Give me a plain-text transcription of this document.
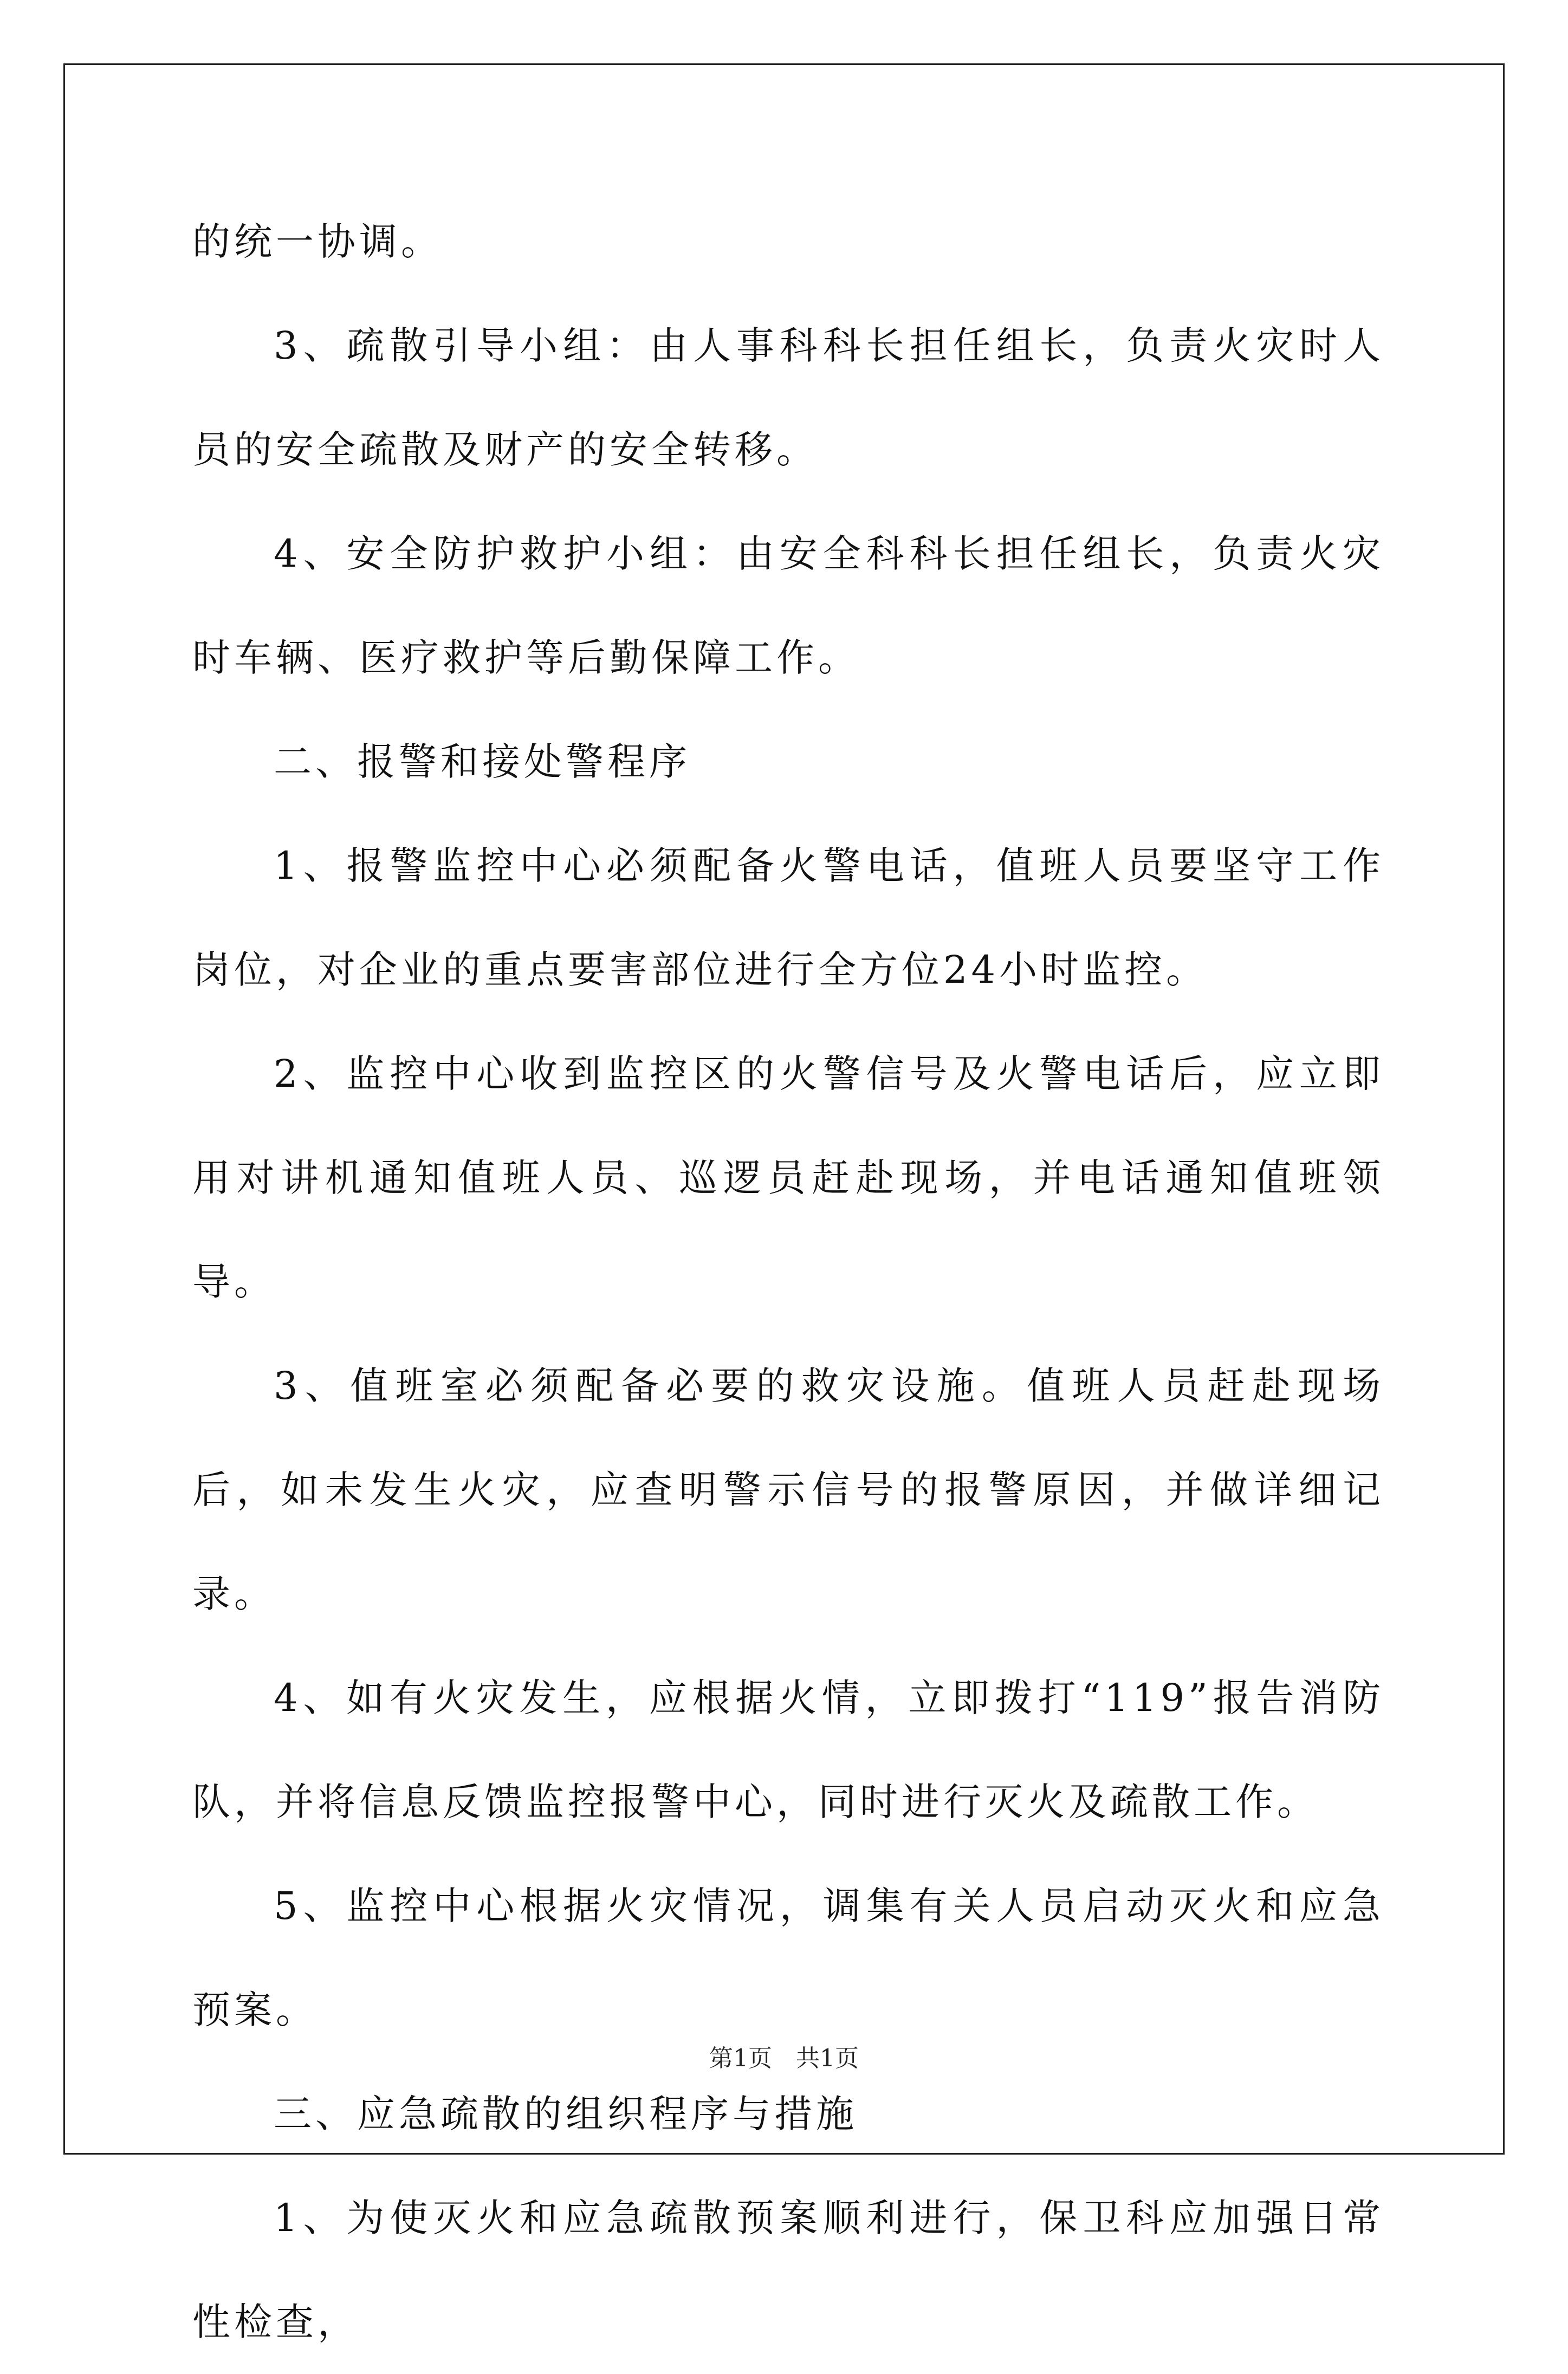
的统一协调。

3、疏散引导小组：由人事科科长担任组长，负责火灾时人员的安全疏散及财产的安全转移。

4、安全防护救护小组：由安全科科长担任组长，负责火灾时车辆、医疗救护等后勤保障工作。

二、报警和接处警程序

1、报警监控中心必须配备火警电话，值班人员要坚守工作岗位，对企业的重点要害部位进行全方位24小时监控。

2、监控中心收到监控区的火警信号及火警电话后，应立即用对讲机通知值班人员、巡逻员赶赴现场，并电话通知值班领导。

3、值班室必须配备必要的救灾设施。值班人员赶赴现场后，如未发生火灾，应查明警示信号的报警原因，并做详细记录。

4、如有火灾发生，应根据火情，立即拨打“119”报告消防队，并将信息反馈监控报警中心，同时进行灭火及疏散工作。

5、监控中心根据火灾情况，调集有关人员启动灭火和应急预案。

三、应急疏散的组织程序与措施

1、为使灭火和应急疏散预案顺利进行，保卫科应加强日常性检查，

第1页　共1页
